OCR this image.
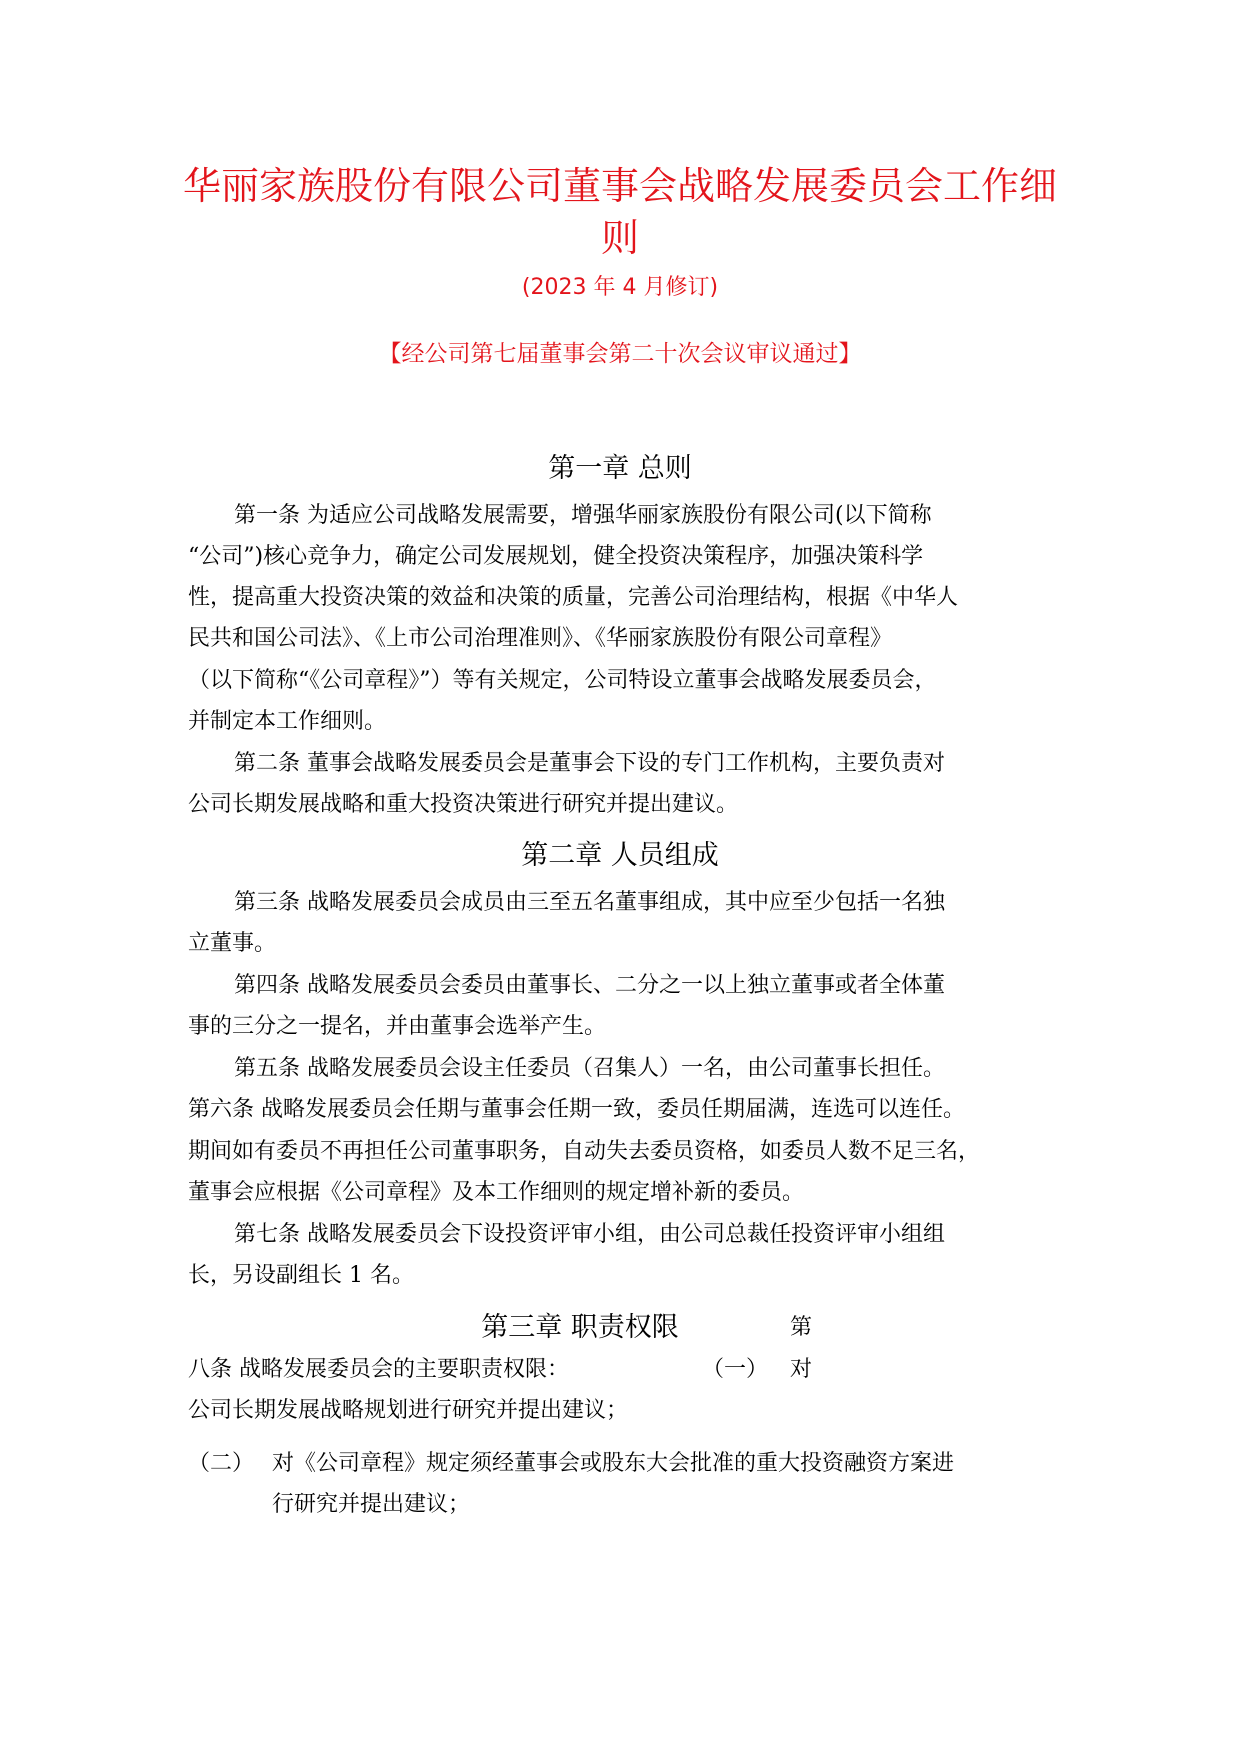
华丽家族股份有限公司董事会战略发展委员会工作细
则
(2023 年 4 月修订)
【经公司第七届董事会第二十次会议审议通过】
第一章 总则
第一条 为适应公司战略发展需要，增强华丽家族股份有限公司(以下简称
“公司”)核心竞争力，确定公司发展规划，健全投资决策程序，加强决策科学
性，提高重大投资决策的效益和决策的质量，完善公司治理结构，根据《中华人
民共和国公司法》、《上市公司治理准则》、《华丽家族股份有限公司章程》
（以下简称“《公司章程》”）等有关规定，公司特设立董事会战略发展委员会，
并制定本工作细则。
第二条 董事会战略发展委员会是董事会下设的专门工作机构，主要负责对
公司长期发展战略和重大投资决策进行研究并提出建议。
第二章 人员组成
第三条 战略发展委员会成员由三至五名董事组成，其中应至少包括一名独
立董事。
第四条 战略发展委员会委员由董事长、二分之一以上独立董事或者全体董
事的三分之一提名，并由董事会选举产生。
第五条 战略发展委员会设主任委员（召集人）一名，由公司董事长担任。
第六条 战略发展委员会任期与董事会任期一致，委员任期届满，连选可以连任。
期间如有委员不再担任公司董事职务，自动失去委员资格，如委员人数不足三名，
董事会应根据《公司章程》及本工作细则的规定增补新的委员。
第七条 战略发展委员会下设投资评审小组，由公司总裁任投资评审小组组
长，另设副组长 1 名。
第三章 职责权限	第
八条 战略发展委员会的主要职责权限：	（一） 对
公司长期发展战略规划进行研究并提出建议；
（二） 对《公司章程》规定须经董事会或股东大会批准的重大投资融资方案进
行研究并提出建议；
